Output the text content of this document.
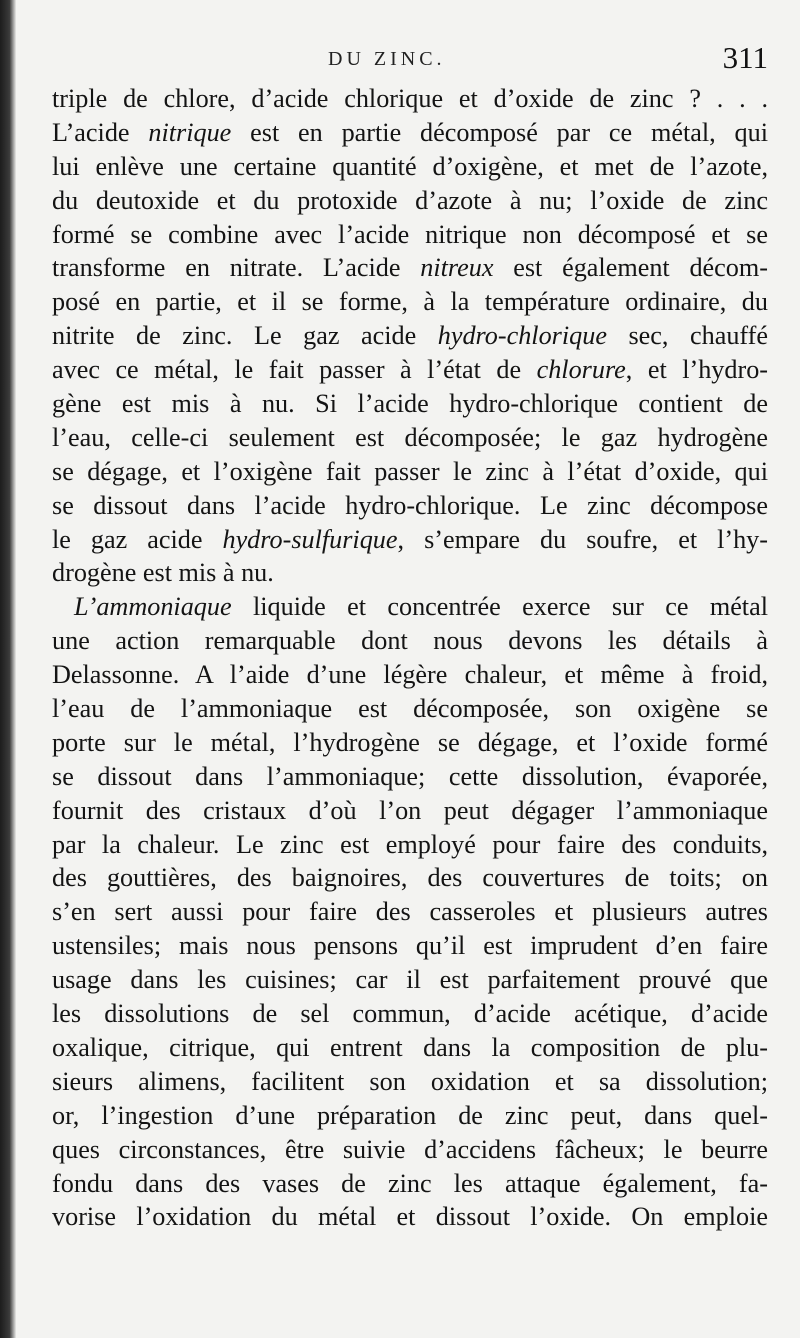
DU ZINC.	311
triple de chlore, d’acide chlorique et d’oxide de zinc ? . . .
L’acide nitrique est en partie décomposé par ce métal, qui
lui enlève une certaine quantité d’oxigène, et met de l’azote,
du deutoxide et du protoxide d’azote à nu; l’oxide de zinc
formé se combine avec l’acide nitrique non décomposé et se
transforme en nitrate. L’acide nitreux est également décom-
posé en partie, et il se forme, à la température ordinaire, du
nitrite de zinc. Le gaz acide hydro-chlorique sec, chauffé
avec ce métal, le fait passer à l’état de chlorure, et l’hydro-
gène est mis à nu. Si l’acide hydro-chlorique contient de
l’eau, celle-ci seulement est décomposée; le gaz hydrogène
se dégage, et l’oxigène fait passer le zinc à l’état d’oxide, qui
se dissout dans l’acide hydro-chlorique. Le zinc décompose
le gaz acide hydro-sulfurique, s’empare du soufre, et l’hy-
drogène est mis à nu.
L’ammoniaque liquide et concentrée exerce sur ce métal
une action remarquable dont nous devons les détails à
Delassonne. A l’aide d’une légère chaleur, et même à froid,
l’eau de l’ammoniaque est décomposée, son oxigène se
porte sur le métal, l’hydrogène se dégage, et l’oxide formé
se dissout dans l’ammoniaque; cette dissolution, évaporée,
fournit des cristaux d’où l’on peut dégager l’ammoniaque
par la chaleur. Le zinc est employé pour faire des conduits,
des gouttières, des baignoires, des couvertures de toits; on
s’en sert aussi pour faire des casseroles et plusieurs autres
ustensiles; mais nous pensons qu’il est imprudent d’en faire
usage dans les cuisines; car il est parfaitement prouvé que
les dissolutions de sel commun, d’acide acétique, d’acide
oxalique, citrique, qui entrent dans la composition de plu-
sieurs alimens, facilitent son oxidation et sa dissolution;
or, l’ingestion d’une préparation de zinc peut, dans quel-
ques circonstances, être suivie d’accidens fâcheux; le beurre
fondu dans des vases de zinc les attaque également, fa-
vorise l’oxidation du métal et dissout l’oxide. On emploie
